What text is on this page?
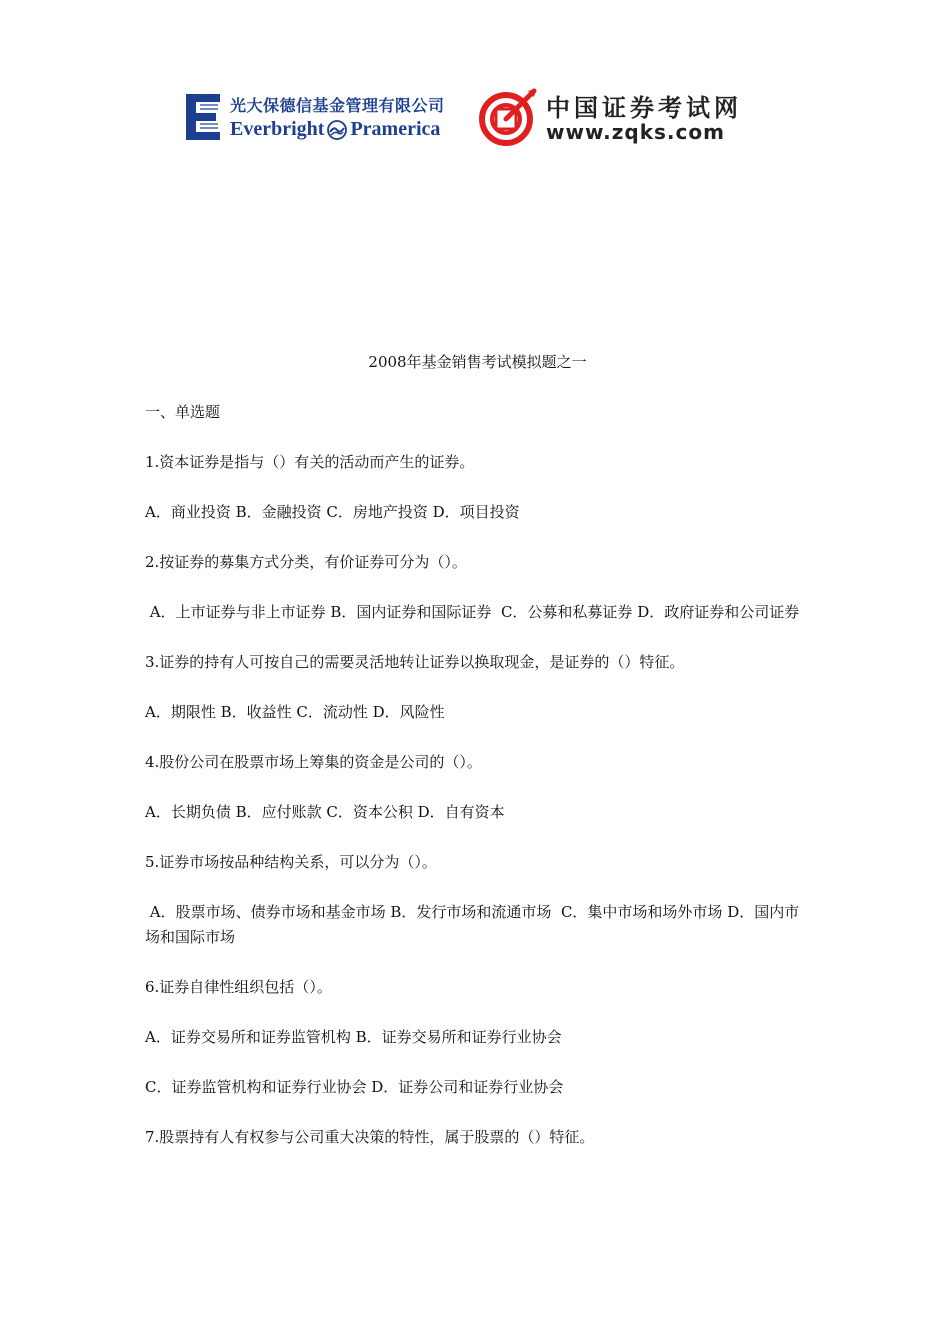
光大保德信基金管理有限公司
Everbright Pramerica
中国证券考试网
www.zqks.com
2008年基金销售考试模拟题之一
一、单选题
1.资本证券是指与（）有关的活动而产生的证券。
A．商业投资 B．金融投资 C．房地产投资 D．项目投资
2.按证券的募集方式分类，有价证券可分为（）。
A．上市证券与非上市证券 B．国内证券和国际证券  C．公募和私募证券 D．政府证券和公司证券
3.证券的持有人可按自己的需要灵活地转让证券以换取现金，是证券的（）特征。
A．期限性 B．收益性 C．流动性 D．风险性
4.股份公司在股票市场上筹集的资金是公司的（）。
A．长期负债 B．应付账款 C．资本公积 D．自有资本
5.证券市场按品种结构关系，可以分为（）。
A．股票市场、债券市场和基金市场 B．发行市场和流通市场  C．集中市场和场外市场 D．国内市场和国际市场
6.证券自律性组织包括（）。
A．证券交易所和证券监管机构 B．证券交易所和证券行业协会
C．证券监管机构和证券行业协会 D．证券公司和证券行业协会
7.股票持有人有权参与公司重大决策的特性，属于股票的（）特征。
